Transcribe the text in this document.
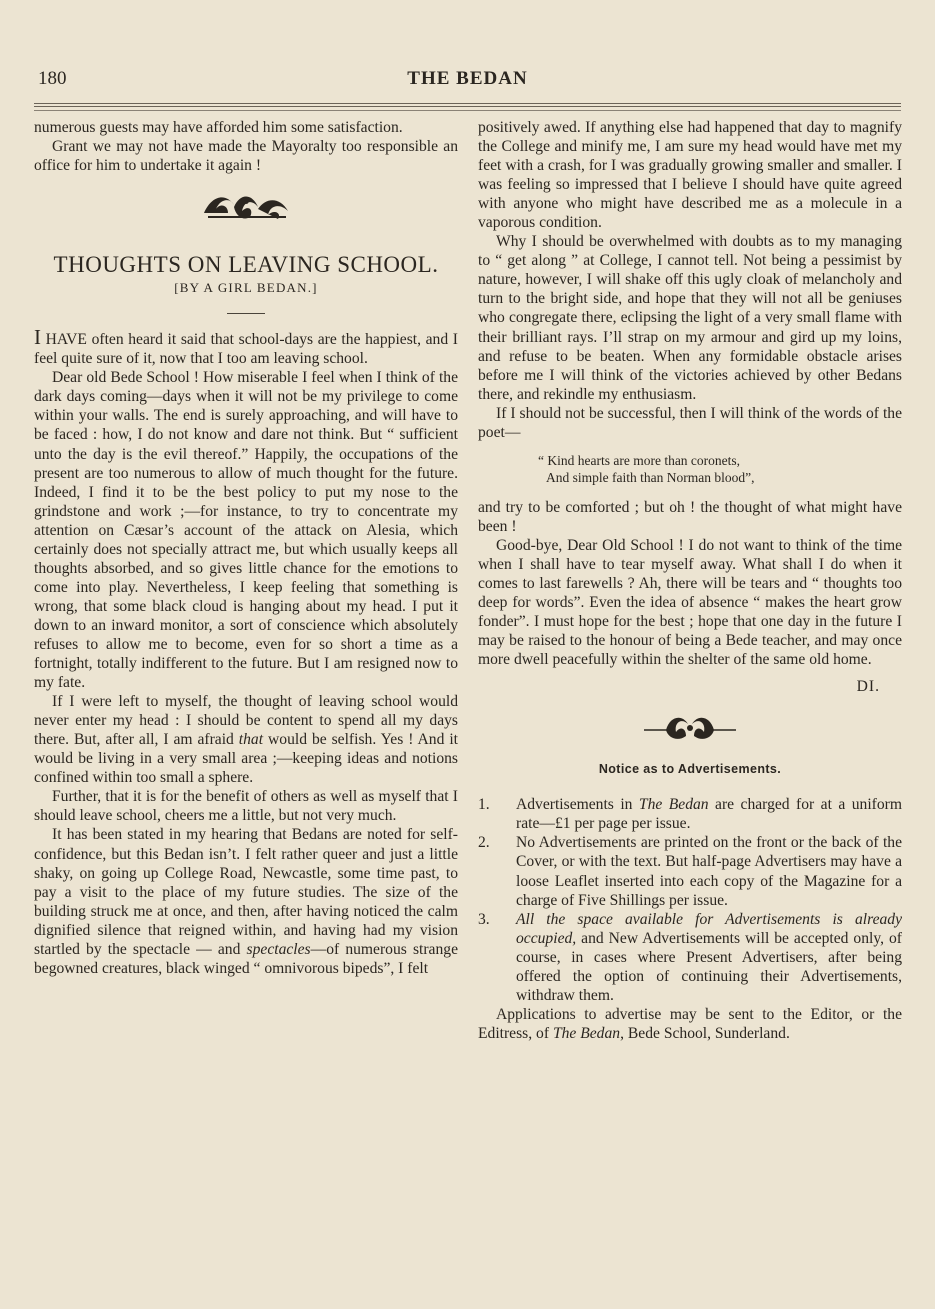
180	THE BEDAN

numerous guests may have afforded him some satisfaction.

Grant we may not have made the Mayoralty too responsible an office for him to undertake it again !

THOUGHTS ON LEAVING SCHOOL.
[BY A GIRL BEDAN.]

I HAVE often heard it said that school-days are the happiest, and I feel quite sure of it, now that I too am leaving school.

Dear old Bede School ! How miserable I feel when I think of the dark days coming—days when it will not be my privilege to come within your walls. The end is surely approaching, and will have to be faced : how, I do not know and dare not think. But “ sufficient unto the day is the evil thereof.” Happily, the occupations of the present are too numerous to allow of much thought for the future. Indeed, I find it to be the best policy to put my nose to the grindstone and work ;—for instance, to try to concentrate my attention on Cæsar’s account of the attack on Alesia, which certainly does not specially attract me, but which usually keeps all thoughts absorbed, and so gives little chance for the emotions to come into play. Nevertheless, I keep feeling that something is wrong, that some black cloud is hanging about my head. I put it down to an inward monitor, a sort of conscience which absolutely refuses to allow me to become, even for so short a time as a fortnight, totally indifferent to the future. But I am resigned now to my fate.

If I were left to myself, the thought of leaving school would never enter my head : I should be content to spend all my days there. But, after all, I am afraid that would be selfish. Yes ! And it would be living in a very small area ;—keeping ideas and notions confined within too small a sphere.

Further, that it is for the benefit of others as well as myself that I should leave school, cheers me a little, but not very much.

It has been stated in my hearing that Bedans are noted for self-confidence, but this Bedan isn’t. I felt rather queer and just a little shaky, on going up College Road, Newcastle, some time past, to pay a visit to the place of my future studies. The size of the building struck me at once, and then, after having noticed the calm dignified silence that reigned within, and having had my vision startled by the spectacle — and spectacles—of numerous strange begowned creatures, black winged “ omnivorous bipeds”, I felt

positively awed. If anything else had happened that day to magnify the College and minify me, I am sure my head would have met my feet with a crash, for I was gradually growing smaller and smaller. I was feeling so impressed that I believe I should have quite agreed with anyone who might have described me as a molecule in a vaporous condition.

Why I should be overwhelmed with doubts as to my managing to “ get along ” at College, I cannot tell. Not being a pessimist by nature, however, I will shake off this ugly cloak of melancholy and turn to the bright side, and hope that they will not all be geniuses who congregate there, eclipsing the light of a very small flame with their brilliant rays. I’ll strap on my armour and gird up my loins, and refuse to be beaten. When any formidable obstacle arises before me I will think of the victories achieved by other Bedans there, and rekindle my enthusiasm.

If I should not be successful, then I will think of the words of the poet—

“ Kind hearts are more than coronets,
And simple faith than Norman blood”,

and try to be comforted ; but oh ! the thought of what might have been !

Good-bye, Dear Old School ! I do not want to think of the time when I shall have to tear myself away. What shall I do when it comes to last farewells ? Ah, there will be tears and “ thoughts too deep for words”. Even the idea of absence “ makes the heart grow fonder”. I must hope for the best ; hope that one day in the future I may be raised to the honour of being a Bede teacher, and may once more dwell peacefully within the shelter of the same old home.

DI.
Notice as to Advertisements.
1. Advertisements in The Bedan are charged for at a uniform rate—£1 per page per issue.
2. No Advertisements are printed on the front or the back of the Cover, or with the text. But half-page Advertisers may have a loose Leaflet inserted into each copy of the Magazine for a charge of Five Shillings per issue.
3. All the space available for Advertisements is already occupied, and New Advertisements will be accepted only, of course, in cases where Present Advertisers, after being offered the option of continuing their Advertisements, withdraw them.

Applications to advertise may be sent to the Editor, or the Editress, of The Bedan, Bede School, Sunderland.
